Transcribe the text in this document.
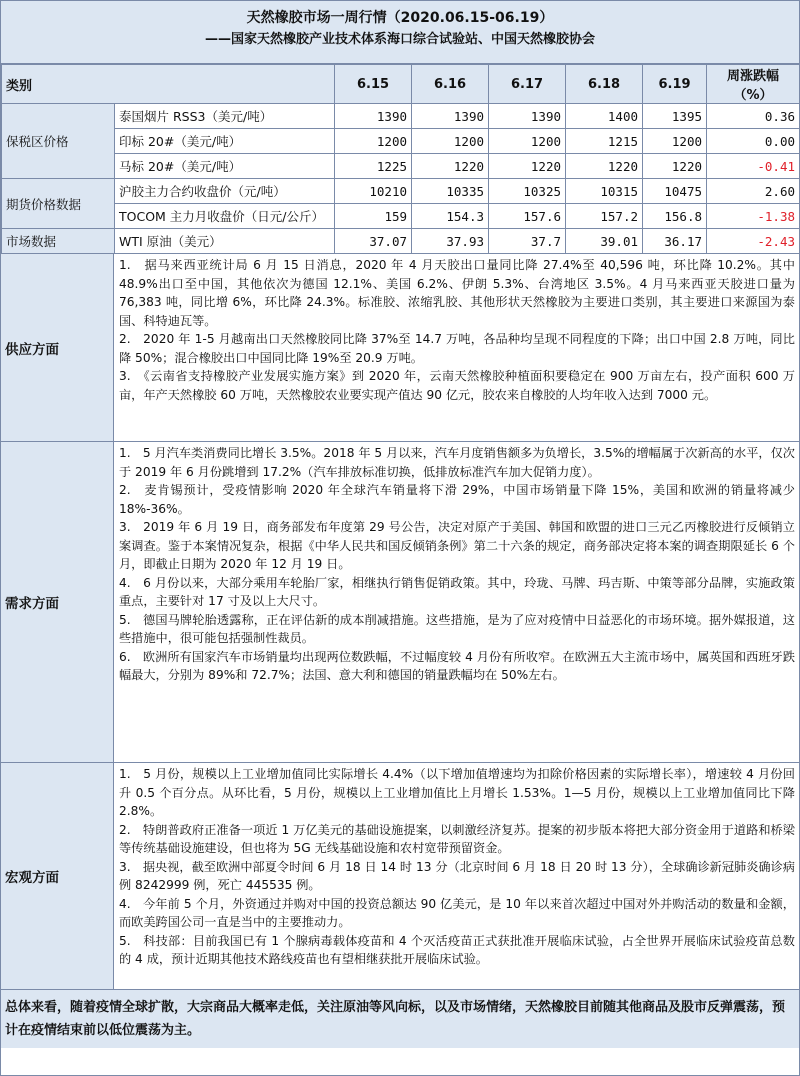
天然橡胶市场一周行情（2020.06.15-06.19）
——国家天然橡胶产业技术体系海口综合试验站、中国天然橡胶协会
类别		6.15	6.16	6.17	6.18	6.19	周涨跌幅（%）
保税区价格	泰国烟片 RSS3（美元/吨）	1390	1390	1390	1400	1395	0.36
	印标 20#（美元/吨）	1200	1200	1200	1215	1200	0.00
	马标 20#（美元/吨）	1225	1220	1220	1220	1220	-0.41
期货价格数据	沪胶主力合约收盘价（元/吨）	10210	10335	10325	10315	10475	2.60
	TOCOM 主力月收盘价（日元/公斤）	159	154.3	157.6	157.2	156.8	-1.38
市场数据	WTI 原油（美元）	37.07	37.93	37.7	39.01	36.17	-2.43
供应方面

1.　据马来西亚统计局 6 月 15 日消息，2020 年 4 月天胶出口量同比降 27.4%至 40,596 吨，环比降 10.2%。其中 48.9%出口至中国，其他依次为德国 12.1%、美国 6.2%、伊朗 5.3%、台湾地区 3.5%。4 月马来西亚天胶进口量为 76,383 吨，同比增 6%，环比降 24.3%。标准胶、浓缩乳胶、其他形状天然橡胶为主要进口类别，其主要进口来源国为泰国、科特迪瓦等。

2.　2020 年 1-5 月越南出口天然橡胶同比降 37%至 14.7 万吨，各品种均呈现不同程度的下降；出口中国 2.8 万吨，同比降 50%；混合橡胶出口中国同比降 19%至 20.9 万吨。

3.　《云南省支持橡胶产业发展实施方案》到 2020 年，云南天然橡胶种植面积要稳定在 900 万亩左右，投产面积 600 万亩，年产天然橡胶 60 万吨，天然橡胶农业要实现产值达 90 亿元，胶农来自橡胶的人均年收入达到 7000 元。

需求方面

1.　5 月汽车类消费同比增长 3.5%。2018 年 5 月以来，汽车月度销售额多为负增长，3.5%的增幅属于次新高的水平，仅次于 2019 年 6 月份跳增到 17.2%（汽车排放标准切换，低排放标准汽车加大促销力度）。

2.　麦肯锡预计，受疫情影响 2020 年全球汽车销量将下滑 29%，中国市场销量下降 15%，美国和欧洲的销量将减少 18%-36%。

3.　2019 年 6 月 19 日，商务部发布年度第 29 号公告，决定对原产于美国、韩国和欧盟的进口三元乙丙橡胶进行反倾销立案调查。鉴于本案情况复杂，根据《中华人民共和国反倾销条例》第二十六条的规定，商务部决定将本案的调查期限延长 6 个月，即截止日期为 2020 年 12 月 19 日。

4.　6 月份以来，大部分乘用车轮胎厂家，相继执行销售促销政策。其中，玲珑、马牌、玛吉斯、中策等部分品牌，实施政策重点，主要针对 17 寸及以上大尺寸。

5.　德国马牌轮胎透露称，正在评估新的成本削减措施。这些措施，是为了应对疫情中日益恶化的市场环境。据外媒报道，这些措施中，很可能包括强制性裁员。

6.　欧洲所有国家汽车市场销量均出现两位数跌幅，不过幅度较 4 月份有所收窄。在欧洲五大主流市场中，属英国和西班牙跌幅最大，分别为 89%和 72.7%；法国、意大利和德国的销量跌幅均在 50%左右。

宏观方面

1.　5 月份，规模以上工业增加值同比实际增长 4.4%（以下增加值增速均为扣除价格因素的实际增长率），增速较 4 月份回升 0.5 个百分点。从环比看，5 月份，规模以上工业增加值比上月增长 1.53%。1—5 月份，规模以上工业增加值同比下降 2.8%。

2.　特朗普政府正准备一项近 1 万亿美元的基础设施提案，以刺激经济复苏。提案的初步版本将把大部分资金用于道路和桥梁等传统基础设施建设，但也将为 5G 无线基础设施和农村宽带预留资金。

3.　据央视，截至欧洲中部夏令时间 6 月 18 日 14 时 13 分（北京时间 6 月 18 日 20 时 13 分），全球确诊新冠肺炎确诊病例 8242999 例，死亡 445535 例。

4.　今年前 5 个月，外资通过并购对中国的投资总额达 90 亿美元，是 10 年以来首次超过中国对外并购活动的数量和金额，而欧美跨国公司一直是当中的主要推动力。

5.　科技部：目前我国已有 1 个腺病毒载体疫苗和 4 个灭活疫苗正式获批准开展临床试验，占全世界开展临床试验疫苗总数的 4 成，预计近期其他技术路线疫苗也有望相继获批开展临床试验。

总体来看，随着疫情全球扩散，大宗商品大概率走低，关注原油等风向标，以及市场情绪，天然橡胶目前随其他商品及股市反弹震荡，预计在疫情结束前以低位震荡为主。
